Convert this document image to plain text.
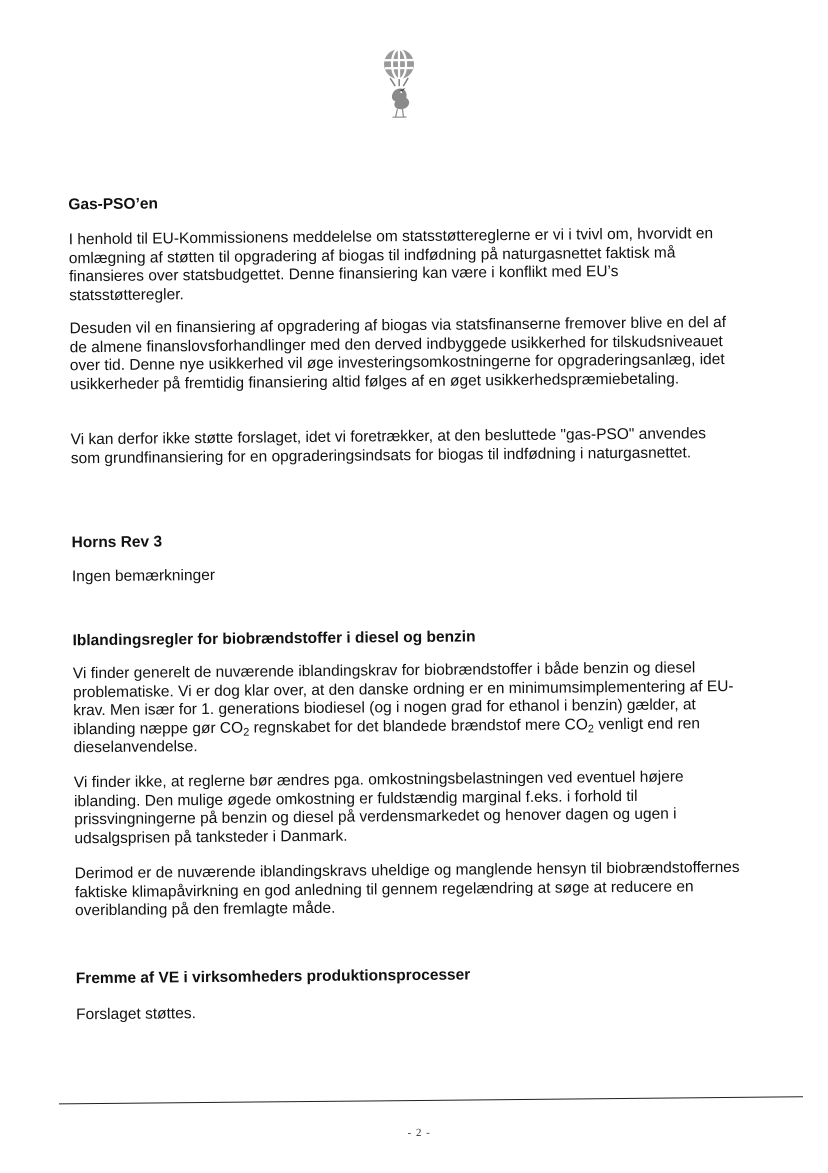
Gas-PSO’en

I henhold til EU-Kommissionens meddelelse om statsstøttereglerne er vi i tvivl om, hvorvidt en omlægning af støtten til opgradering af biogas til indfødning på naturgasnettet faktisk må finansieres over statsbudgettet. Denne finansiering kan være i konflikt med EU’s statsstøtteregler.

Desuden vil en finansiering af opgradering af biogas via statsfinanserne fremover blive en del af de almene finanslovsforhandlinger med den derved indbyggede usikkerhed for tilskudsniveauet over tid. Denne nye usikkerhed vil øge investeringsomkostningerne for opgraderingsanlæg, idet usikkerheder på fremtidig finansiering altid følges af en øget usikkerhedspræmiebetaling.

Vi kan derfor ikke støtte forslaget, idet vi foretrækker, at den besluttede "gas-PSO" anvendes som grundfinansiering for en opgraderingsindsats for biogas til indfødning i naturgasnettet.

Horns Rev 3

Ingen bemærkninger

Iblandingsregler for biobrændstoffer i diesel og benzin

Vi finder generelt de nuværende iblandingskrav for biobrændstoffer i både benzin og diesel problematiske. Vi er dog klar over, at den danske ordning er en minimumsimplementering af EU-krav. Men især for 1. generations biodiesel (og i nogen grad for ethanol i benzin) gælder, at iblanding næppe gør $CO_2$ regnskabet for det blandede brændstof mere $CO_2$ venligt end ren dieselanvendelse.

Vi finder ikke, at reglerne bør ændres pga. omkostningsbelastningen ved eventuel højere iblanding. Den mulige øgede omkostning er fuldstændig marginal f.eks. i forhold til prissvingningerne på benzin og diesel på verdensmarkedet og henover dagen og ugen i udsalgsprisen på tanksteder i Danmark.

Derimod er de nuværende iblandingskravs uheldige og manglende hensyn til biobrændstoffernes faktiske klimapåvirkning en god anledning til gennem regelændring at søge at reducere en overiblanding på den fremlagte måde.

Fremme af VE i virksomheders produktionsprocesser

Forslaget støttes.

- 2 -
